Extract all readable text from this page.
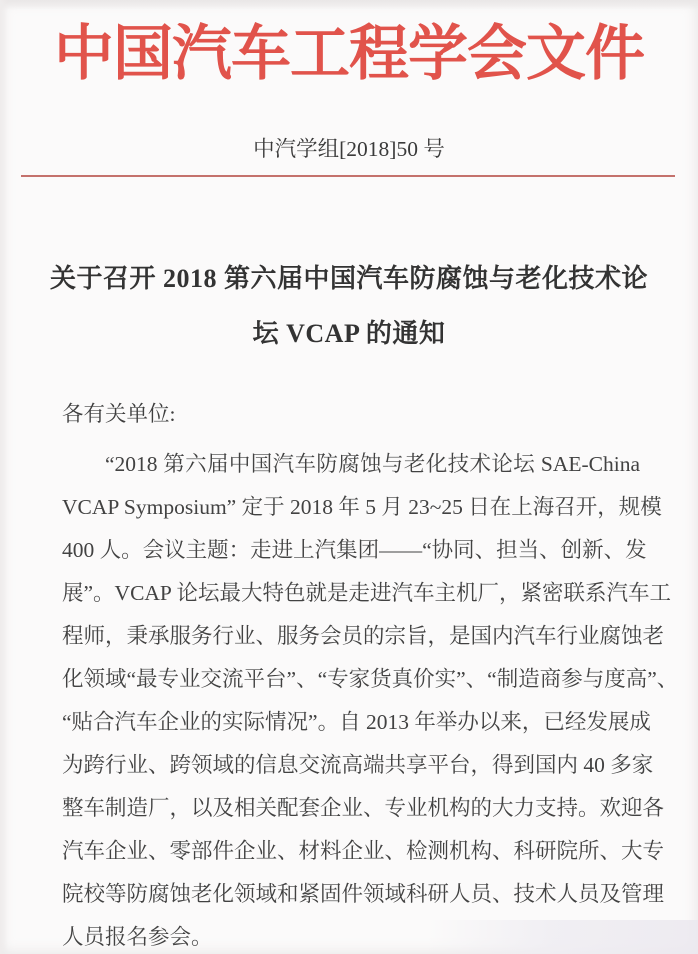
中国汽车工程学会文件
中汽学组[2018]50 号
关于召开 2018 第六届中国汽车防腐蚀与老化技术论
坛 VCAP 的通知
各有关单位:
“2018 第六届中国汽车防腐蚀与老化技术论坛 SAE-China
VCAP Symposium” 定于 2018 年 5 月 23~25 日在上海召开，规模
400 人。会议主题：走进上汽集团——“协同、担当、创新、发
展”。VCAP 论坛最大特色就是走进汽车主机厂，紧密联系汽车工
程师，秉承服务行业、服务会员的宗旨，是国内汽车行业腐蚀老
化领域“最专业交流平台”、“专家货真价实”、“制造商参与度高”、
“贴合汽车企业的实际情况”。自 2013 年举办以来，已经发展成
为跨行业、跨领域的信息交流高端共享平台，得到国内 40 多家
整车制造厂，以及相关配套企业、专业机构的大力支持。欢迎各
汽车企业、零部件企业、材料企业、检测机构、科研院所、大专
院校等防腐蚀老化领域和紧固件领域科研人员、技术人员及管理
人员报名参会。
